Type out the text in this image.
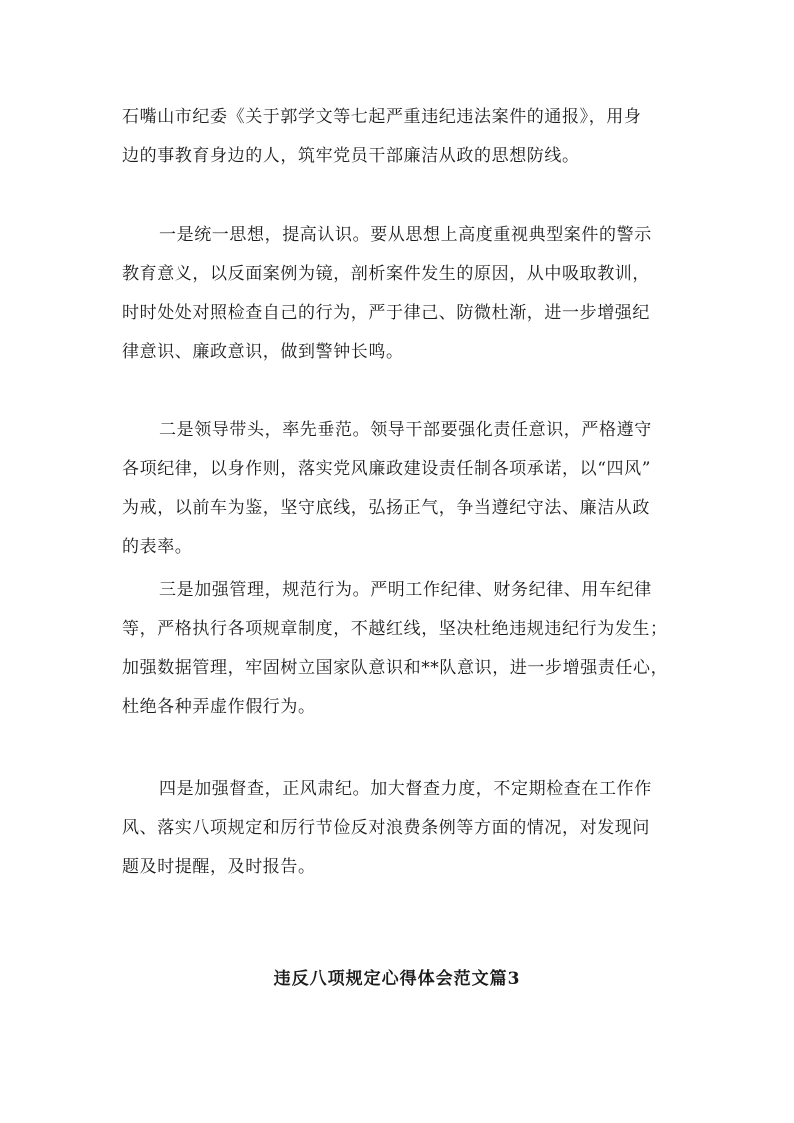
石嘴山市纪委《关于郭学文等七起严重违纪违法案件的通报》，用身
边的事教育身边的人，筑牢党员干部廉洁从政的思想防线。
一是统一思想，提高认识。要从思想上高度重视典型案件的警示
教育意义，以反面案例为镜，剖析案件发生的原因，从中吸取教训，
时时处处对照检查自己的行为，严于律己、防微杜渐，进一步增强纪
律意识、廉政意识，做到警钟长鸣。
二是领导带头，率先垂范。领导干部要强化责任意识，严格遵守
各项纪律，以身作则，落实党风廉政建设责任制各项承诺，以“四风”
为戒，以前车为鉴，坚守底线，弘扬正气，争当遵纪守法、廉洁从政
的表率。
三是加强管理，规范行为。严明工作纪律、财务纪律、用车纪律
等，严格执行各项规章制度，不越红线，坚决杜绝违规违纪行为发生；
加强数据管理，牢固树立国家队意识和**队意识，进一步增强责任心，
杜绝各种弄虚作假行为。
四是加强督查，正风肃纪。加大督查力度，不定期检查在工作作
风、落实八项规定和厉行节俭反对浪费条例等方面的情况，对发现问
题及时提醒，及时报告。
违反八项规定心得体会范文篇3
